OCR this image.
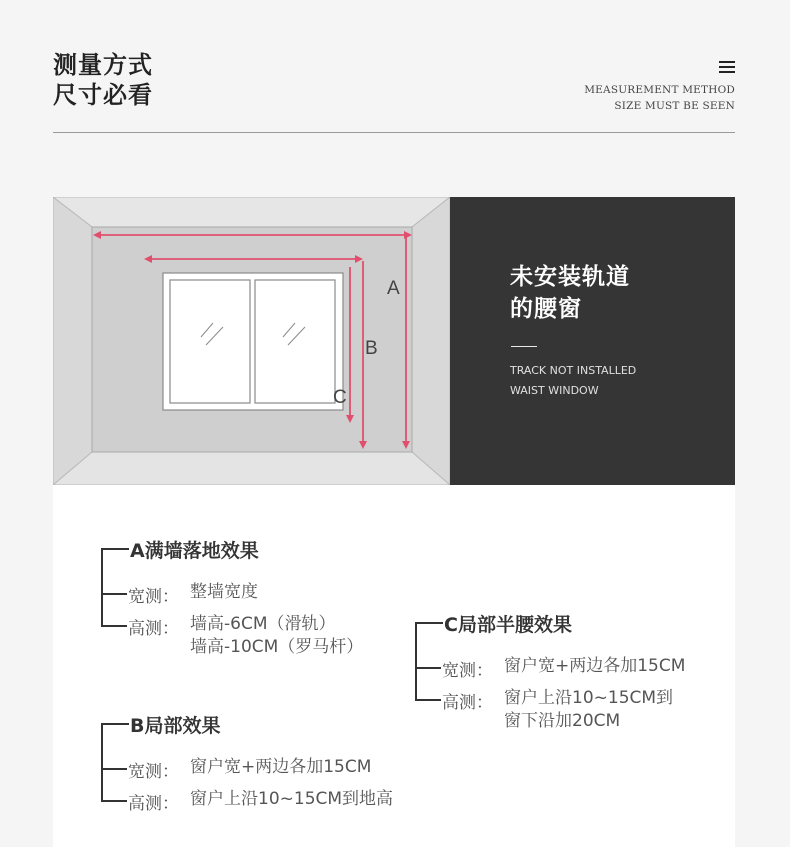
测量方式
尺寸必看	MEASUREMENT METHOD
SIZE MUST BE SEEN
A
B
C
未安装轨道
的腰窗
TRACK NOT INSTALLED
WAIST WINDOW
A满墙落地效果
宽测： 整墙宽度
高测： 墙高-6CM（滑轨）
墙高-10CM（罗马杆）
C局部半腰效果
宽测： 窗户宽+两边各加15CM
高测： 窗户上沿10~15CM到
窗下沿加20CM
B局部效果
宽测： 窗户宽+两边各加15CM
高测： 窗户上沿10~15CM到地高
